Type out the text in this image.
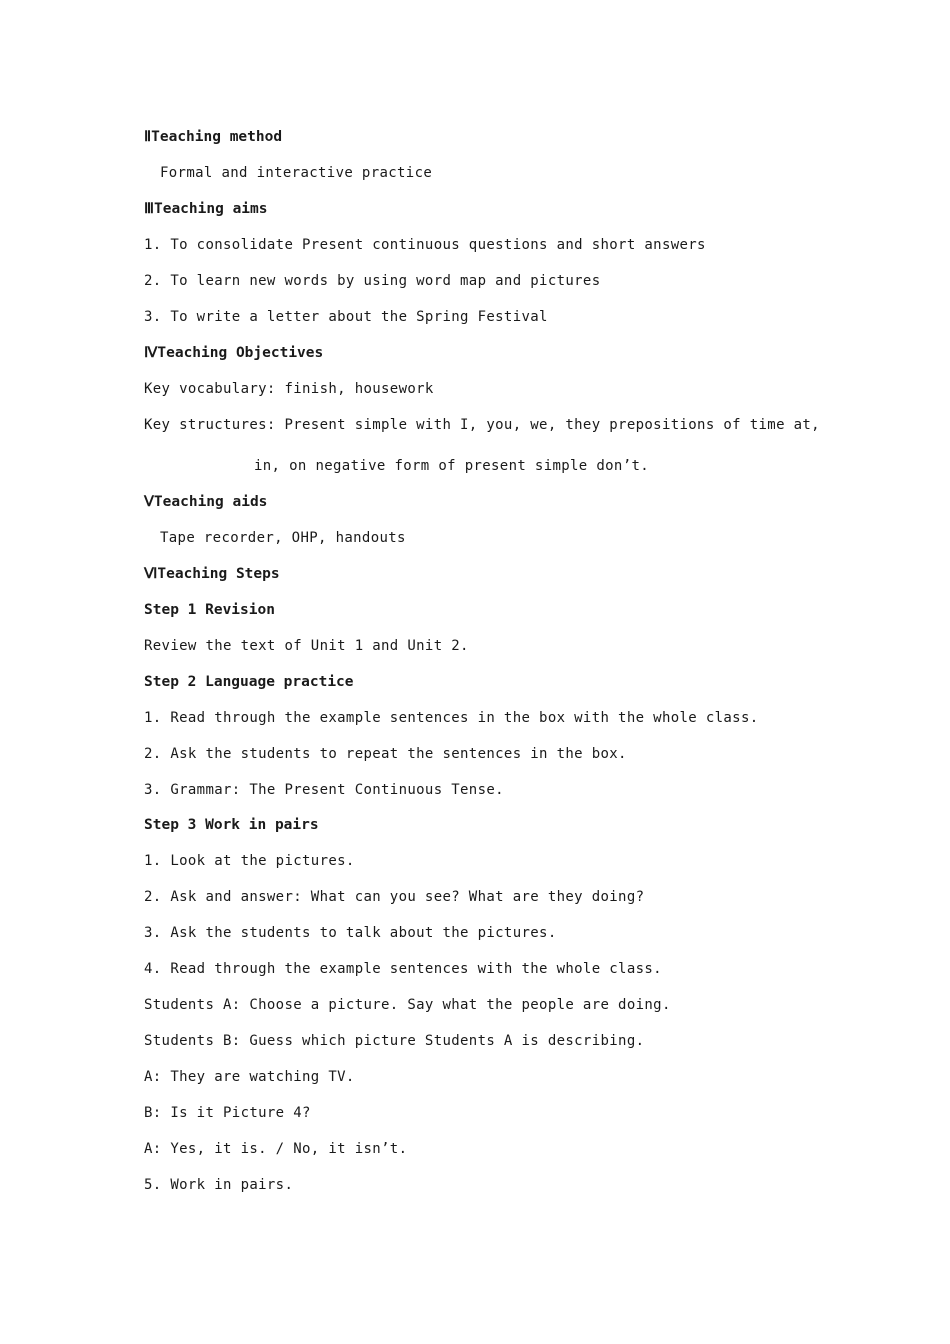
ⅡTeaching method
Formal and interactive practice
ⅢTeaching aims
1. To consolidate Present continuous questions and short answers
2. To learn new words by using word map and pictures
3. To write a letter about the Spring Festival
ⅣTeaching Objectives
Key vocabulary: finish, housework
Key structures: Present simple with I, you, we, they prepositions of time at,
in, on negative form of present simple don’t.
ⅤTeaching aids
Tape recorder, OHP, handouts
ⅥTeaching Steps
Step 1 Revision
Review the text of Unit 1 and Unit 2.
Step 2 Language practice
1. Read through the example sentences in the box with the whole class.
2. Ask the students to repeat the sentences in the box.
3. Grammar: The Present Continuous Tense.
Step 3 Work in pairs
1. Look at the pictures.
2. Ask and answer: What can you see? What are they doing?
3. Ask the students to talk about the pictures.
4. Read through the example sentences with the whole class.
Students A: Choose a picture. Say what the people are doing.
Students B: Guess which picture Students A is describing.
A: They are watching TV.
B: Is it Picture 4?
A: Yes, it is. / No, it isn’t.
5. Work in pairs.
